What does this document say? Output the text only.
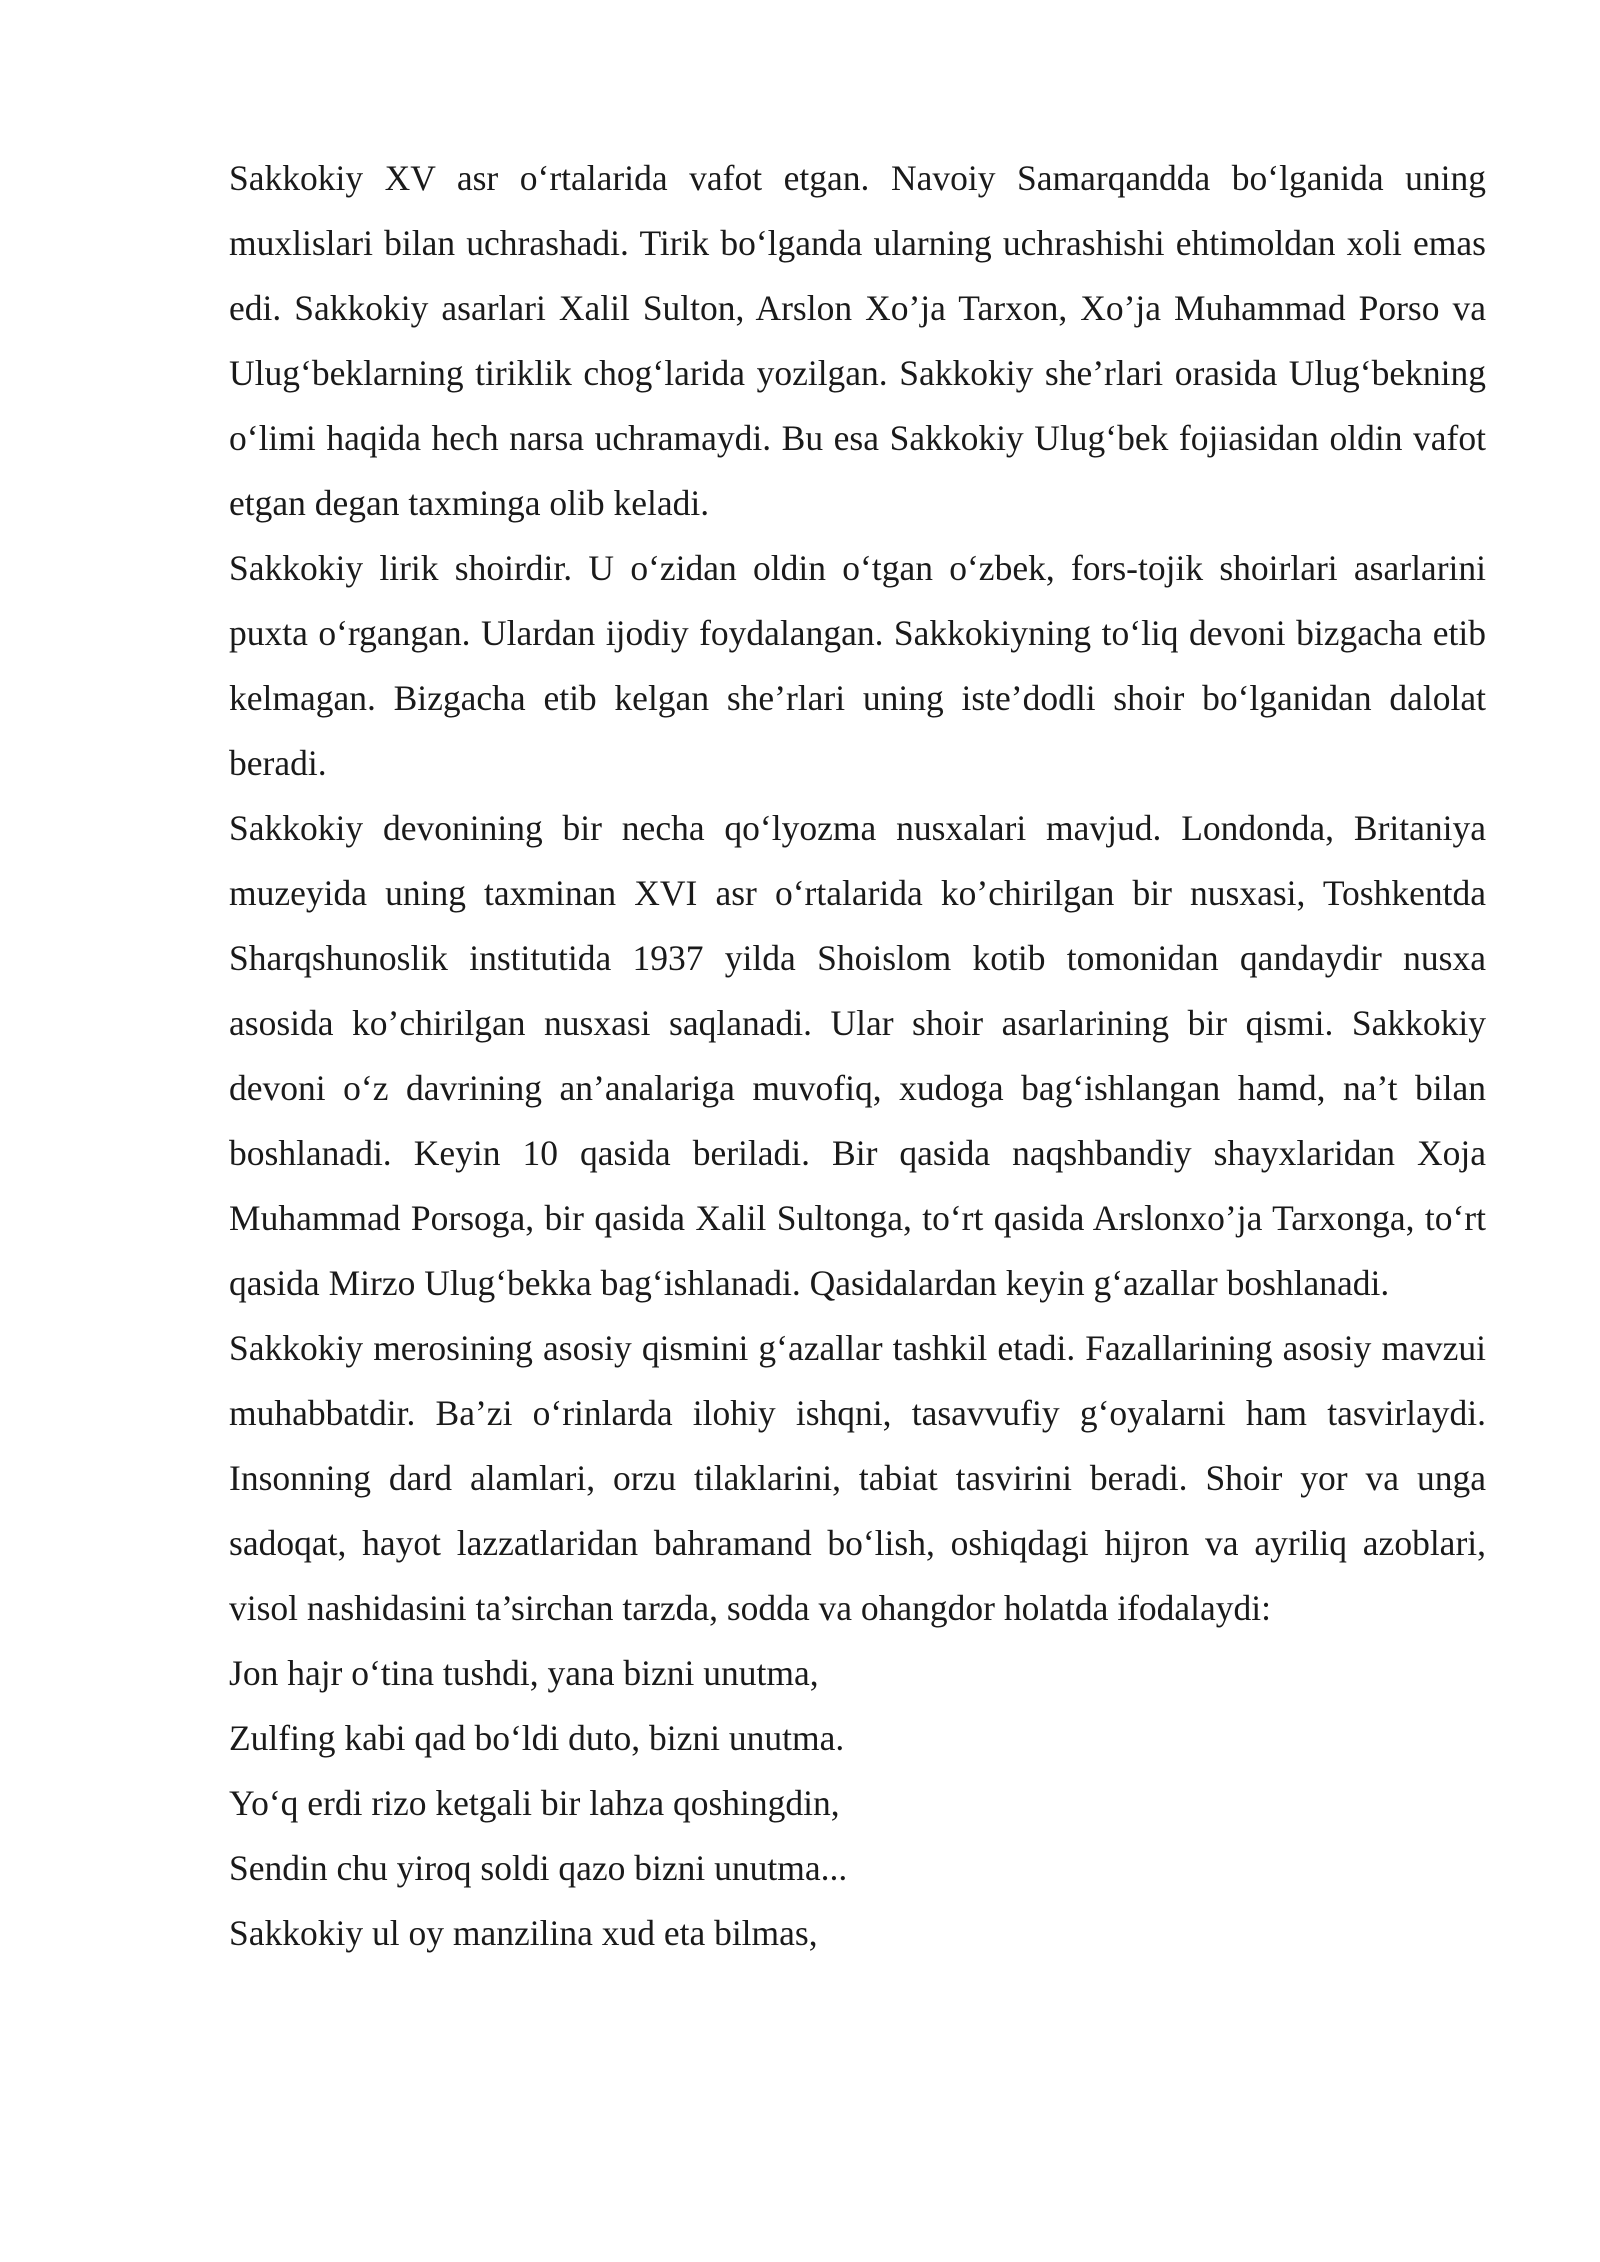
Sakkokiy XV asr o‘rtalarida vafot etgan. Navoiy Samarqandda bo‘lganida uning muxlislari bilan uchrashadi. Tirik bo‘lganda ularning uchrashishi ehtimoldan xoli emas edi. Sakkokiy asarlari Xalil Sulton, Arslon Xo’ja Tarxon, Xo’ja Muhammad Porso va Ulug‘beklarning tiriklik chog‘larida yozilgan. Sakkokiy she’rlari orasida Ulug‘bekning o‘limi haqida hech narsa uchramaydi. Bu esa Sakkokiy Ulug‘bek fojiasidan oldin vafot etgan degan taxminga olib keladi.

Sakkokiy lirik shoirdir. U o‘zidan oldin o‘tgan o‘zbek, fors-tojik shoirlari asarlarini puxta o‘rgangan. Ulardan ijodiy foydalangan. Sakkokiyning to‘liq devoni bizgacha etib kelmagan. Bizgacha etib kelgan she’rlari uning iste’dodli shoir bo‘lganidan dalolat beradi.

Sakkokiy devonining bir necha qo‘lyozma nusxalari mavjud. Londonda, Britaniya muzeyida uning taxminan XVI asr o‘rtalarida ko’chirilgan bir nusxasi, Toshkentda Sharqshunoslik institutida 1937 yilda Shoislom kotib tomonidan qandaydir nusxa asosida ko’chirilgan nusxasi saqlanadi. Ular shoir asarlarining bir qismi. Sakkokiy devoni o‘z davrining an’analariga muvofiq, xudoga bag‘ishlangan hamd, na’t bilan boshlanadi. Keyin 10 qasida beriladi. Bir qasida naqshbandiy shayxlaridan Xoja Muhammad Porsoga, bir qasida Xalil Sultonga, to‘rt qasida Arslonxo’ja Tarxonga, to‘rt qasida Mirzo Ulug‘bekka bag‘ishlanadi. Qasidalardan keyin g‘azallar boshlanadi.

Sakkokiy merosining asosiy qismini g‘azallar tashkil etadi. Fazallarining asosiy mavzui muhabbatdir. Ba’zi o‘rinlarda ilohiy ishqni, tasavvufiy g‘oyalarni ham tasvirlaydi. Insonning dard alamlari, orzu tilaklarini, tabiat tasvirini beradi. Shoir yor va unga sadoqat, hayot lazzatlaridan bahramand bo‘lish, oshiqdagi hijron va ayriliq azoblari, visol nashidasini ta’sirchan tarzda, sodda va ohangdor holatda ifodalaydi:

Jon hajr o‘tina tushdi, yana bizni unutma,

Zulfing kabi qad bo‘ldi duto, bizni unutma.

Yo‘q erdi rizo ketgali bir lahza qoshingdin,

Sendin chu yiroq soldi qazo bizni unutma...

Sakkokiy ul oy manzilina xud eta bilmas,
